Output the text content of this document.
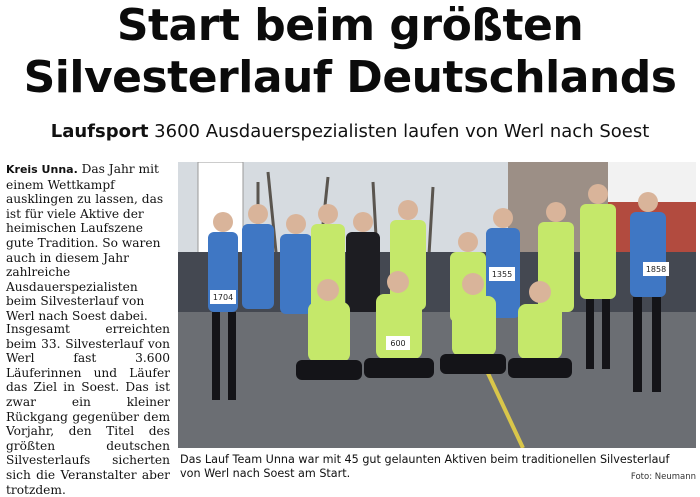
Start beim größten
Silvesterlauf Deutschlands
Laufsport 3600 Ausdauerspezialisten laufen von Werl nach Soest
Kreis Unna. Das Jahr mit einem Wettkampf ausklingen zu lassen, das ist für viele Aktive der heimischen Laufszene gute Tradition. So waren auch in diesem Jahr zahlreiche Ausdauerspezialisten beim Silvesterlauf von Werl nach Soest dabei.
Insgesamt erreichten beim 33. Silvesterlauf von Werl fast 3.600 Läuferinnen und Läufer das Ziel in Soest. Das ist zwar ein kleiner Rückgang gegenüber dem Vorjahr, den Titel des größten deutschen Silvesterlaufs sicherten sich die Veranstalter aber trotzdem.
1704
1355
1858
600
Das Lauf Team Unna war mit 45 gut gelaunten Aktiven beim traditionellen Silvesterlauf von Werl nach Soest am Start.	Foto: Neumann
